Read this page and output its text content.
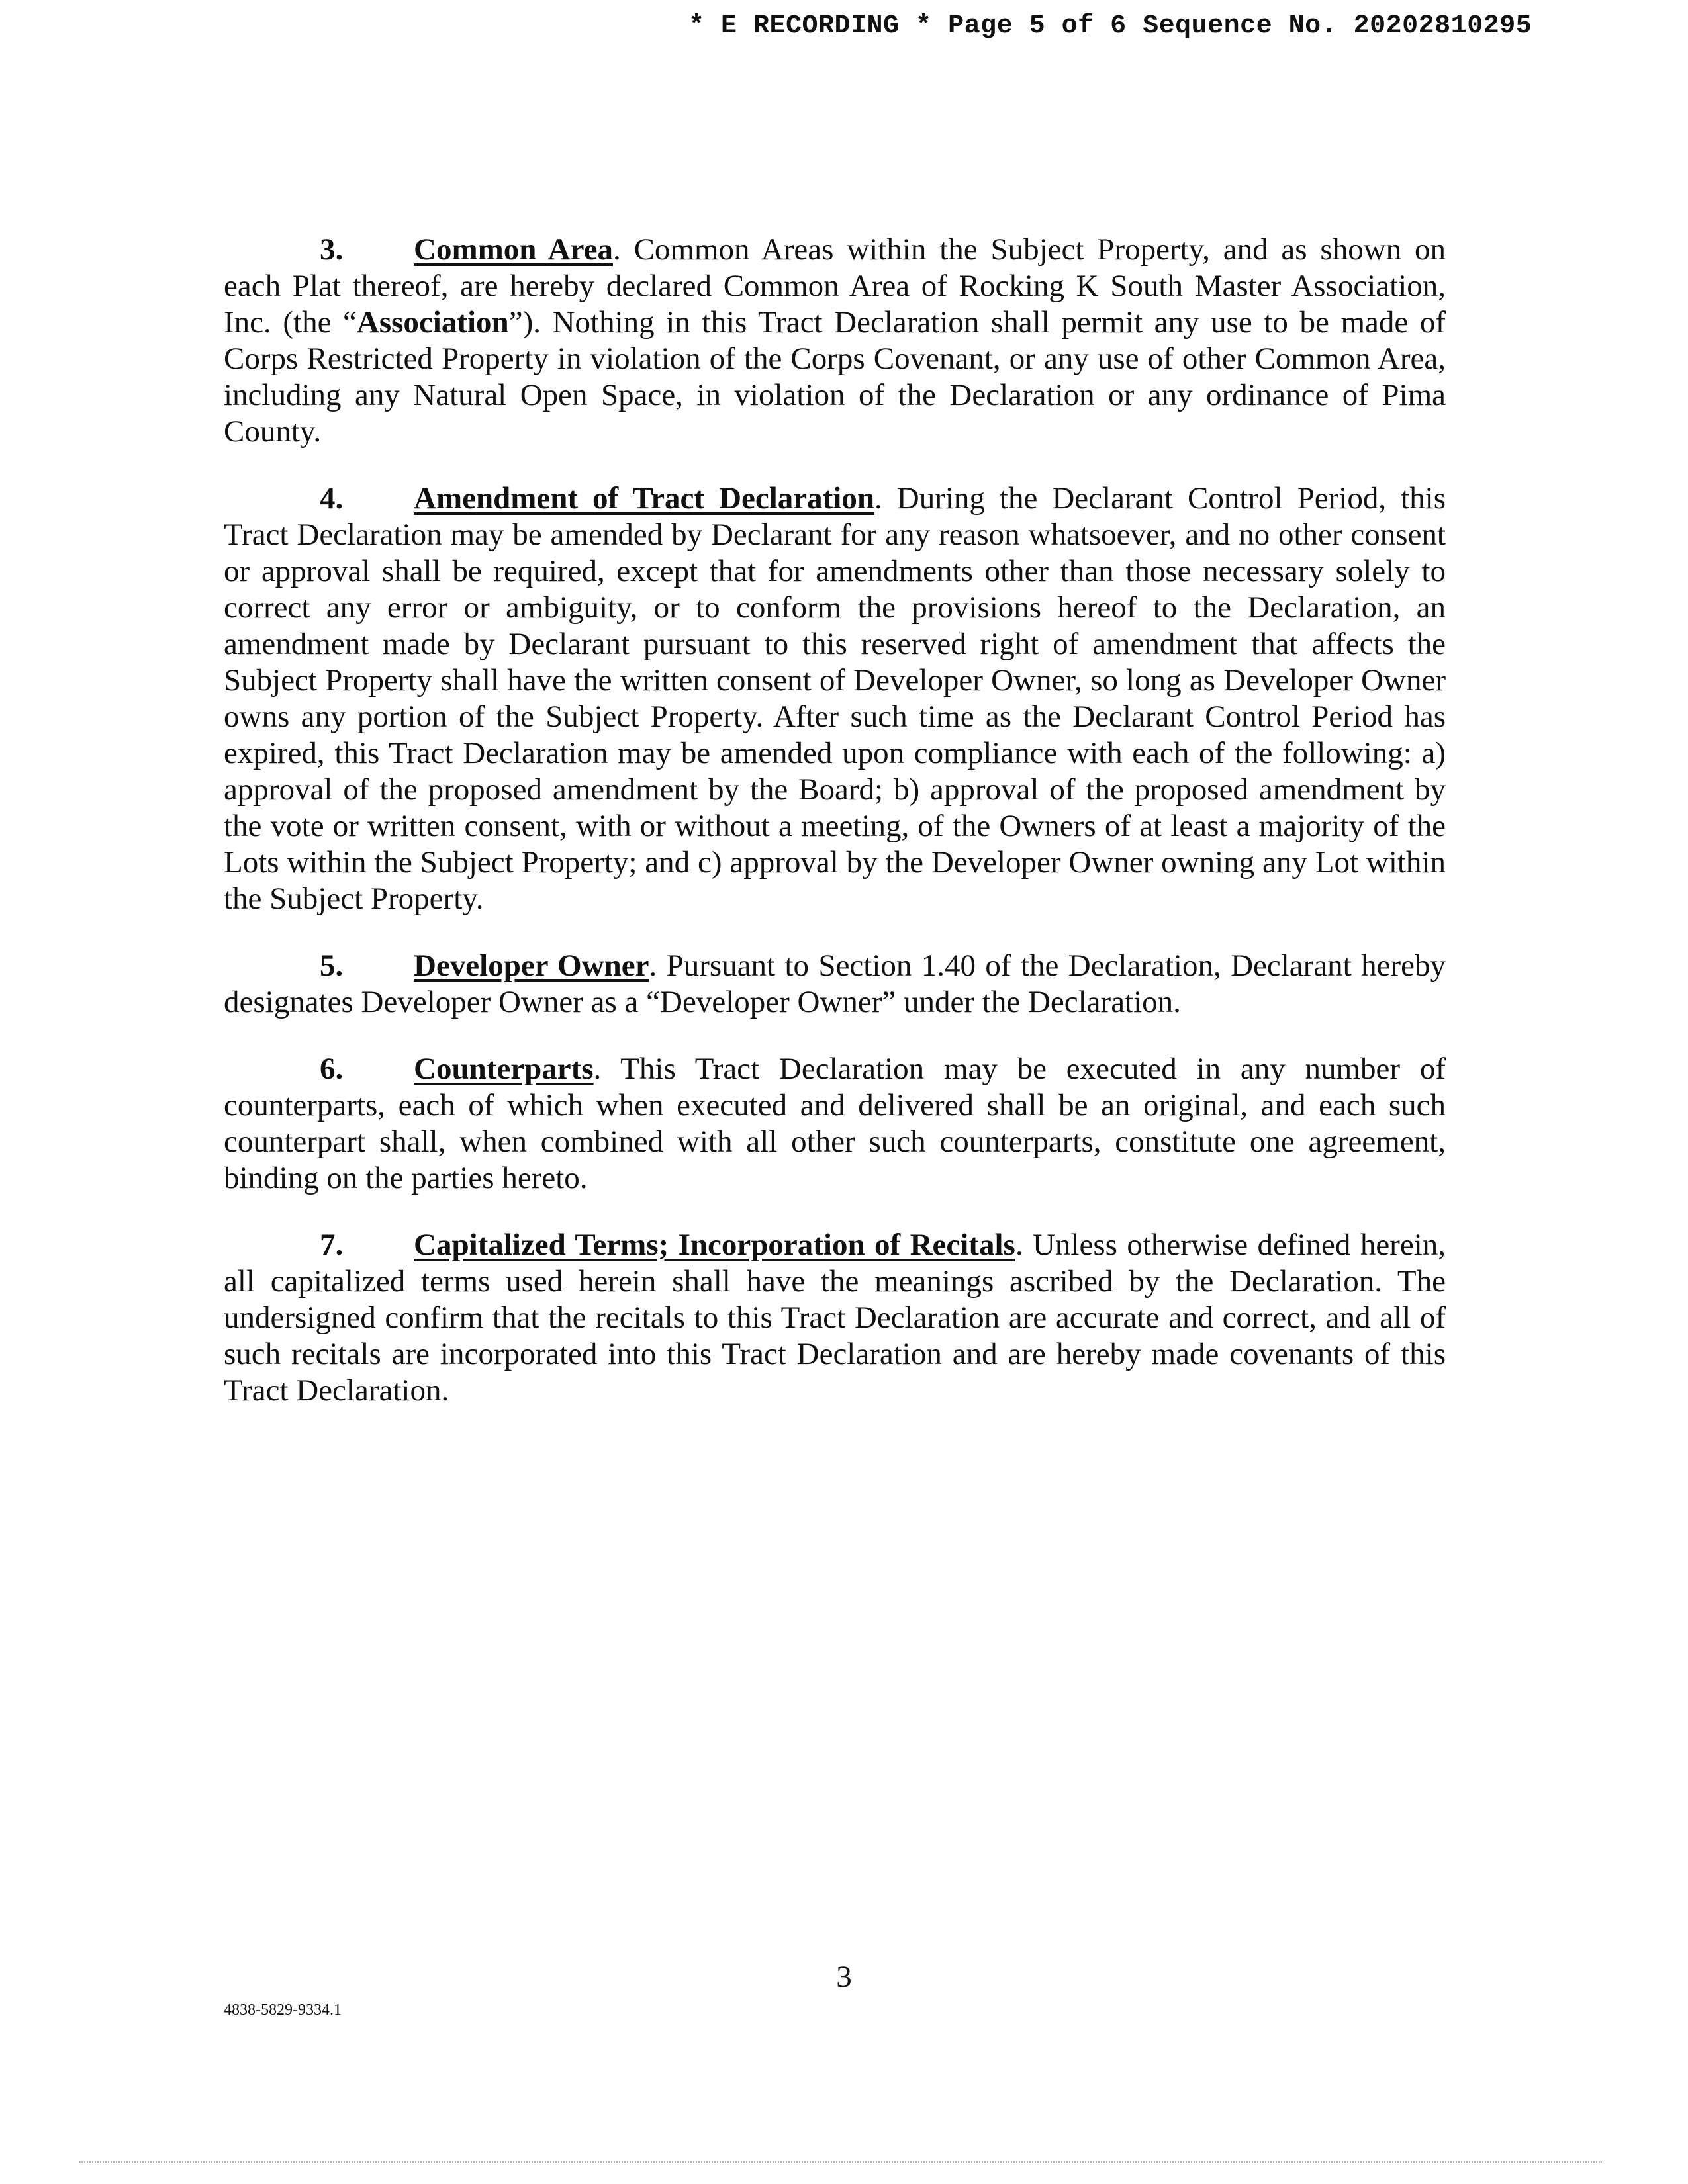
* E RECORDING * Page 5 of 6 Sequence No. 20202810295

3. Common Area. Common Areas within the Subject Property, and as shown on each Plat thereof, are hereby declared Common Area of Rocking K South Master Association, Inc. (the “Association”). Nothing in this Tract Declaration shall permit any use to be made of Corps Restricted Property in violation of the Corps Covenant, or any use of other Common Area, including any Natural Open Space, in violation of the Declaration or any ordinance of Pima County.

4. Amendment of Tract Declaration. During the Declarant Control Period, this Tract Declaration may be amended by Declarant for any reason whatsoever, and no other consent or approval shall be required, except that for amendments other than those necessary solely to correct any error or ambiguity, or to conform the provisions hereof to the Declaration, an amendment made by Declarant pursuant to this reserved right of amendment that affects the Subject Property shall have the written consent of Developer Owner, so long as Developer Owner owns any portion of the Subject Property. After such time as the Declarant Control Period has expired, this Tract Declaration may be amended upon compliance with each of the following: a) approval of the proposed amendment by the Board; b) approval of the proposed amendment by the vote or written consent, with or without a meeting, of the Owners of at least a majority of the Lots within the Subject Property; and c) approval by the Developer Owner owning any Lot within the Subject Property.

5. Developer Owner. Pursuant to Section 1.40 of the Declaration, Declarant hereby designates Developer Owner as a “Developer Owner” under the Declaration.

6. Counterparts. This Tract Declaration may be executed in any number of counterparts, each of which when executed and delivered shall be an original, and each such counterpart shall, when combined with all other such counterparts, constitute one agreement, binding on the parties hereto.

7. Capitalized Terms; Incorporation of Recitals. Unless otherwise defined herein, all capitalized terms used herein shall have the meanings ascribed by the Declaration. The undersigned confirm that the recitals to this Tract Declaration are accurate and correct, and all of such recitals are incorporated into this Tract Declaration and are hereby made covenants of this Tract Declaration.

3
4838-5829-9334.1
